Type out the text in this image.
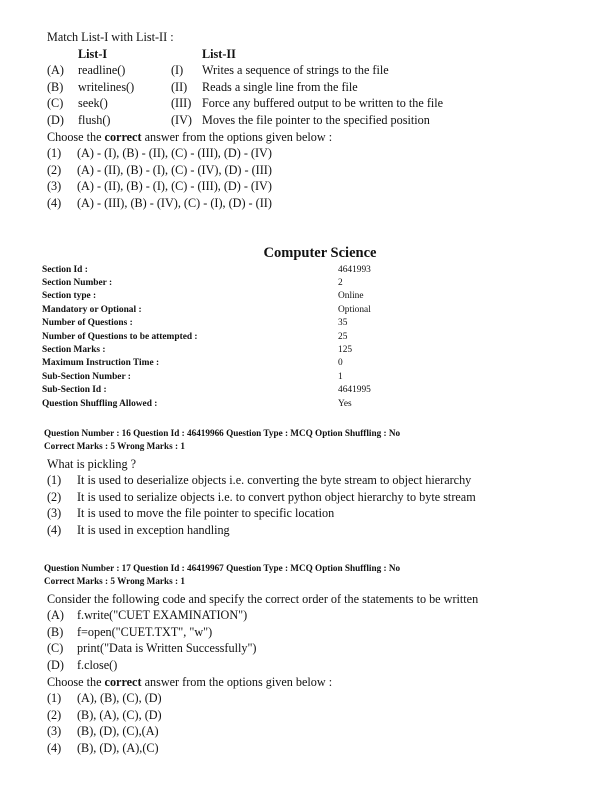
Match List-I with List-II :
List-I	List-II
(A)	readline()	(I)	Writes a sequence of strings to the file
(B)	writelines()	(II)	Reads a single line from the file
(C)	seek()	(III) Force any buffered output to be written to the file
(D)	flush()	(IV) Moves the file pointer to the specified position
Choose the correct answer from the options given below :
(1)	(A) - (I), (B) - (II), (C) - (III), (D) - (IV)
(2)	(A) - (II), (B) - (I), (C) - (IV), (D) - (III)
(3)	(A) - (II), (B) - (I), (C) - (III), (D) - (IV)
(4)	(A) - (III), (B) - (IV), (C) - (I), (D) - (II)
Computer Science
Section Id :	4641993
Section Number :	2
Section type :	Online
Mandatory or Optional :	Optional
Number of Questions :	35
Number of Questions to be attempted :	25
Section Marks :	125
Maximum Instruction Time :	0
Sub-Section Number :	1
Sub-Section Id :	4641995
Question Shuffling Allowed :	Yes
Question Number : 16 Question Id : 46419966 Question Type : MCQ Option Shuffling : No
Correct Marks : 5 Wrong Marks : 1
What is pickling ?
(1)	It is used to deserialize objects i.e. converting the byte stream to object hierarchy
(2)	It is used to serialize objects i.e. to convert python object hierarchy to byte stream
(3)	It is used to move the file pointer to specific location
(4)	It is used in exception handling
Question Number : 17 Question Id : 46419967 Question Type : MCQ Option Shuffling : No
Correct Marks : 5 Wrong Marks : 1
Consider the following code and specify the correct order of the statements to be written
(A)	f.write("CUET EXAMINATION")
(B)	f=open("CUET.TXT", "w")
(C)	print("Data is Written Successfully")
(D)	f.close()
Choose the correct answer from the options given below :
(1)	(A), (B), (C), (D)
(2)	(B), (A), (C), (D)
(3)	(B), (D), (C),(A)
(4)	(B), (D), (A),(C)
